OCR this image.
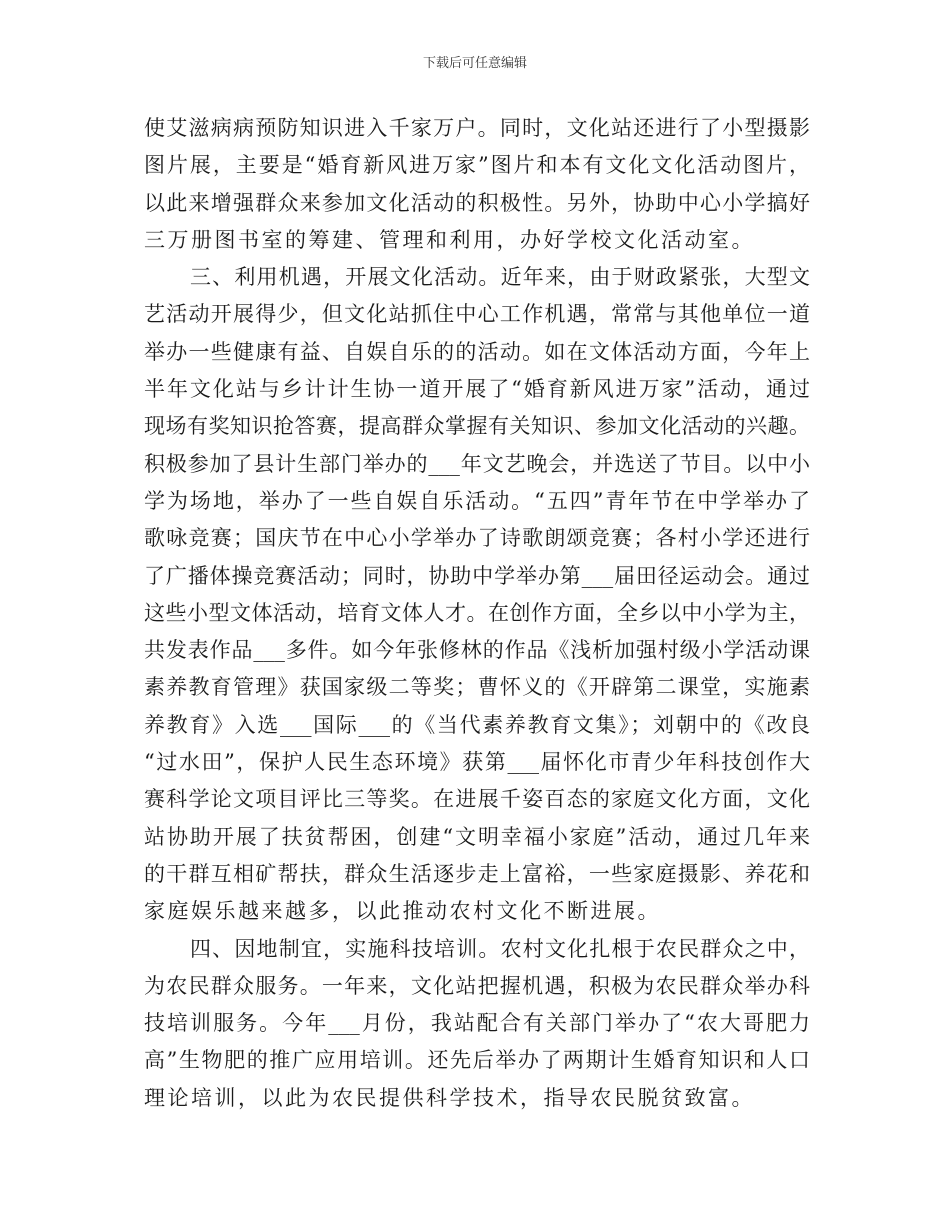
下载后可任意编辑
使艾滋病病预防知识进入千家万户。同时，文化站还进行了小型摄影
图片展，主要是“婚育新风进万家”图片和本有文化文化活动图片，
以此来增强群众来参加文化活动的积极性。另外，协助中心小学搞好
三万册图书室的筹建、管理和利用，办好学校文化活动室。
三、利用机遇，开展文化活动。近年来，由于财政紧张，大型文
艺活动开展得少，但文化站抓住中心工作机遇，常常与其他单位一道
举办一些健康有益、自娱自乐的的活动。如在文体活动方面，今年上
半年文化站与乡计计生协一道开展了“婚育新风进万家”活动，通过
现场有奖知识抢答赛，提高群众掌握有关知识、参加文化活动的兴趣。
积极参加了县计生部门举办的___年文艺晚会，并选送了节目。以中小
学为场地，举办了一些自娱自乐活动。“五四”青年节在中学举办了
歌咏竞赛；国庆节在中心小学举办了诗歌朗颂竞赛；各村小学还进行
了广播体操竞赛活动；同时，协助中学举办第___届田径运动会。通过
这些小型文体活动，培育文体人才。在创作方面，全乡以中小学为主，
共发表作品___多件。如今年张修林的作品《浅析加强村级小学活动课
素养教育管理》获国家级二等奖；曹怀义的《开辟第二课堂，实施素
养教育》入选___国际___的《当代素养教育文集》；刘朝中的《改良
“过水田”，保护人民生态环境》获第___届怀化市青少年科技创作大
赛科学论文项目评比三等奖。在进展千姿百态的家庭文化方面，文化
站协助开展了扶贫帮困，创建“文明幸福小家庭”活动，通过几年来
的干群互相矿帮扶，群众生活逐步走上富裕，一些家庭摄影、养花和
家庭娱乐越来越多，以此推动农村文化不断进展。
四、因地制宜，实施科技培训。农村文化扎根于农民群众之中，
为农民群众服务。一年来，文化站把握机遇，积极为农民群众举办科
技培训服务。今年___月份，我站配合有关部门举办了“农大哥肥力
高”生物肥的推广应用培训。还先后举办了两期计生婚育知识和人口
理论培训，以此为农民提供科学技术，指导农民脱贫致富。
